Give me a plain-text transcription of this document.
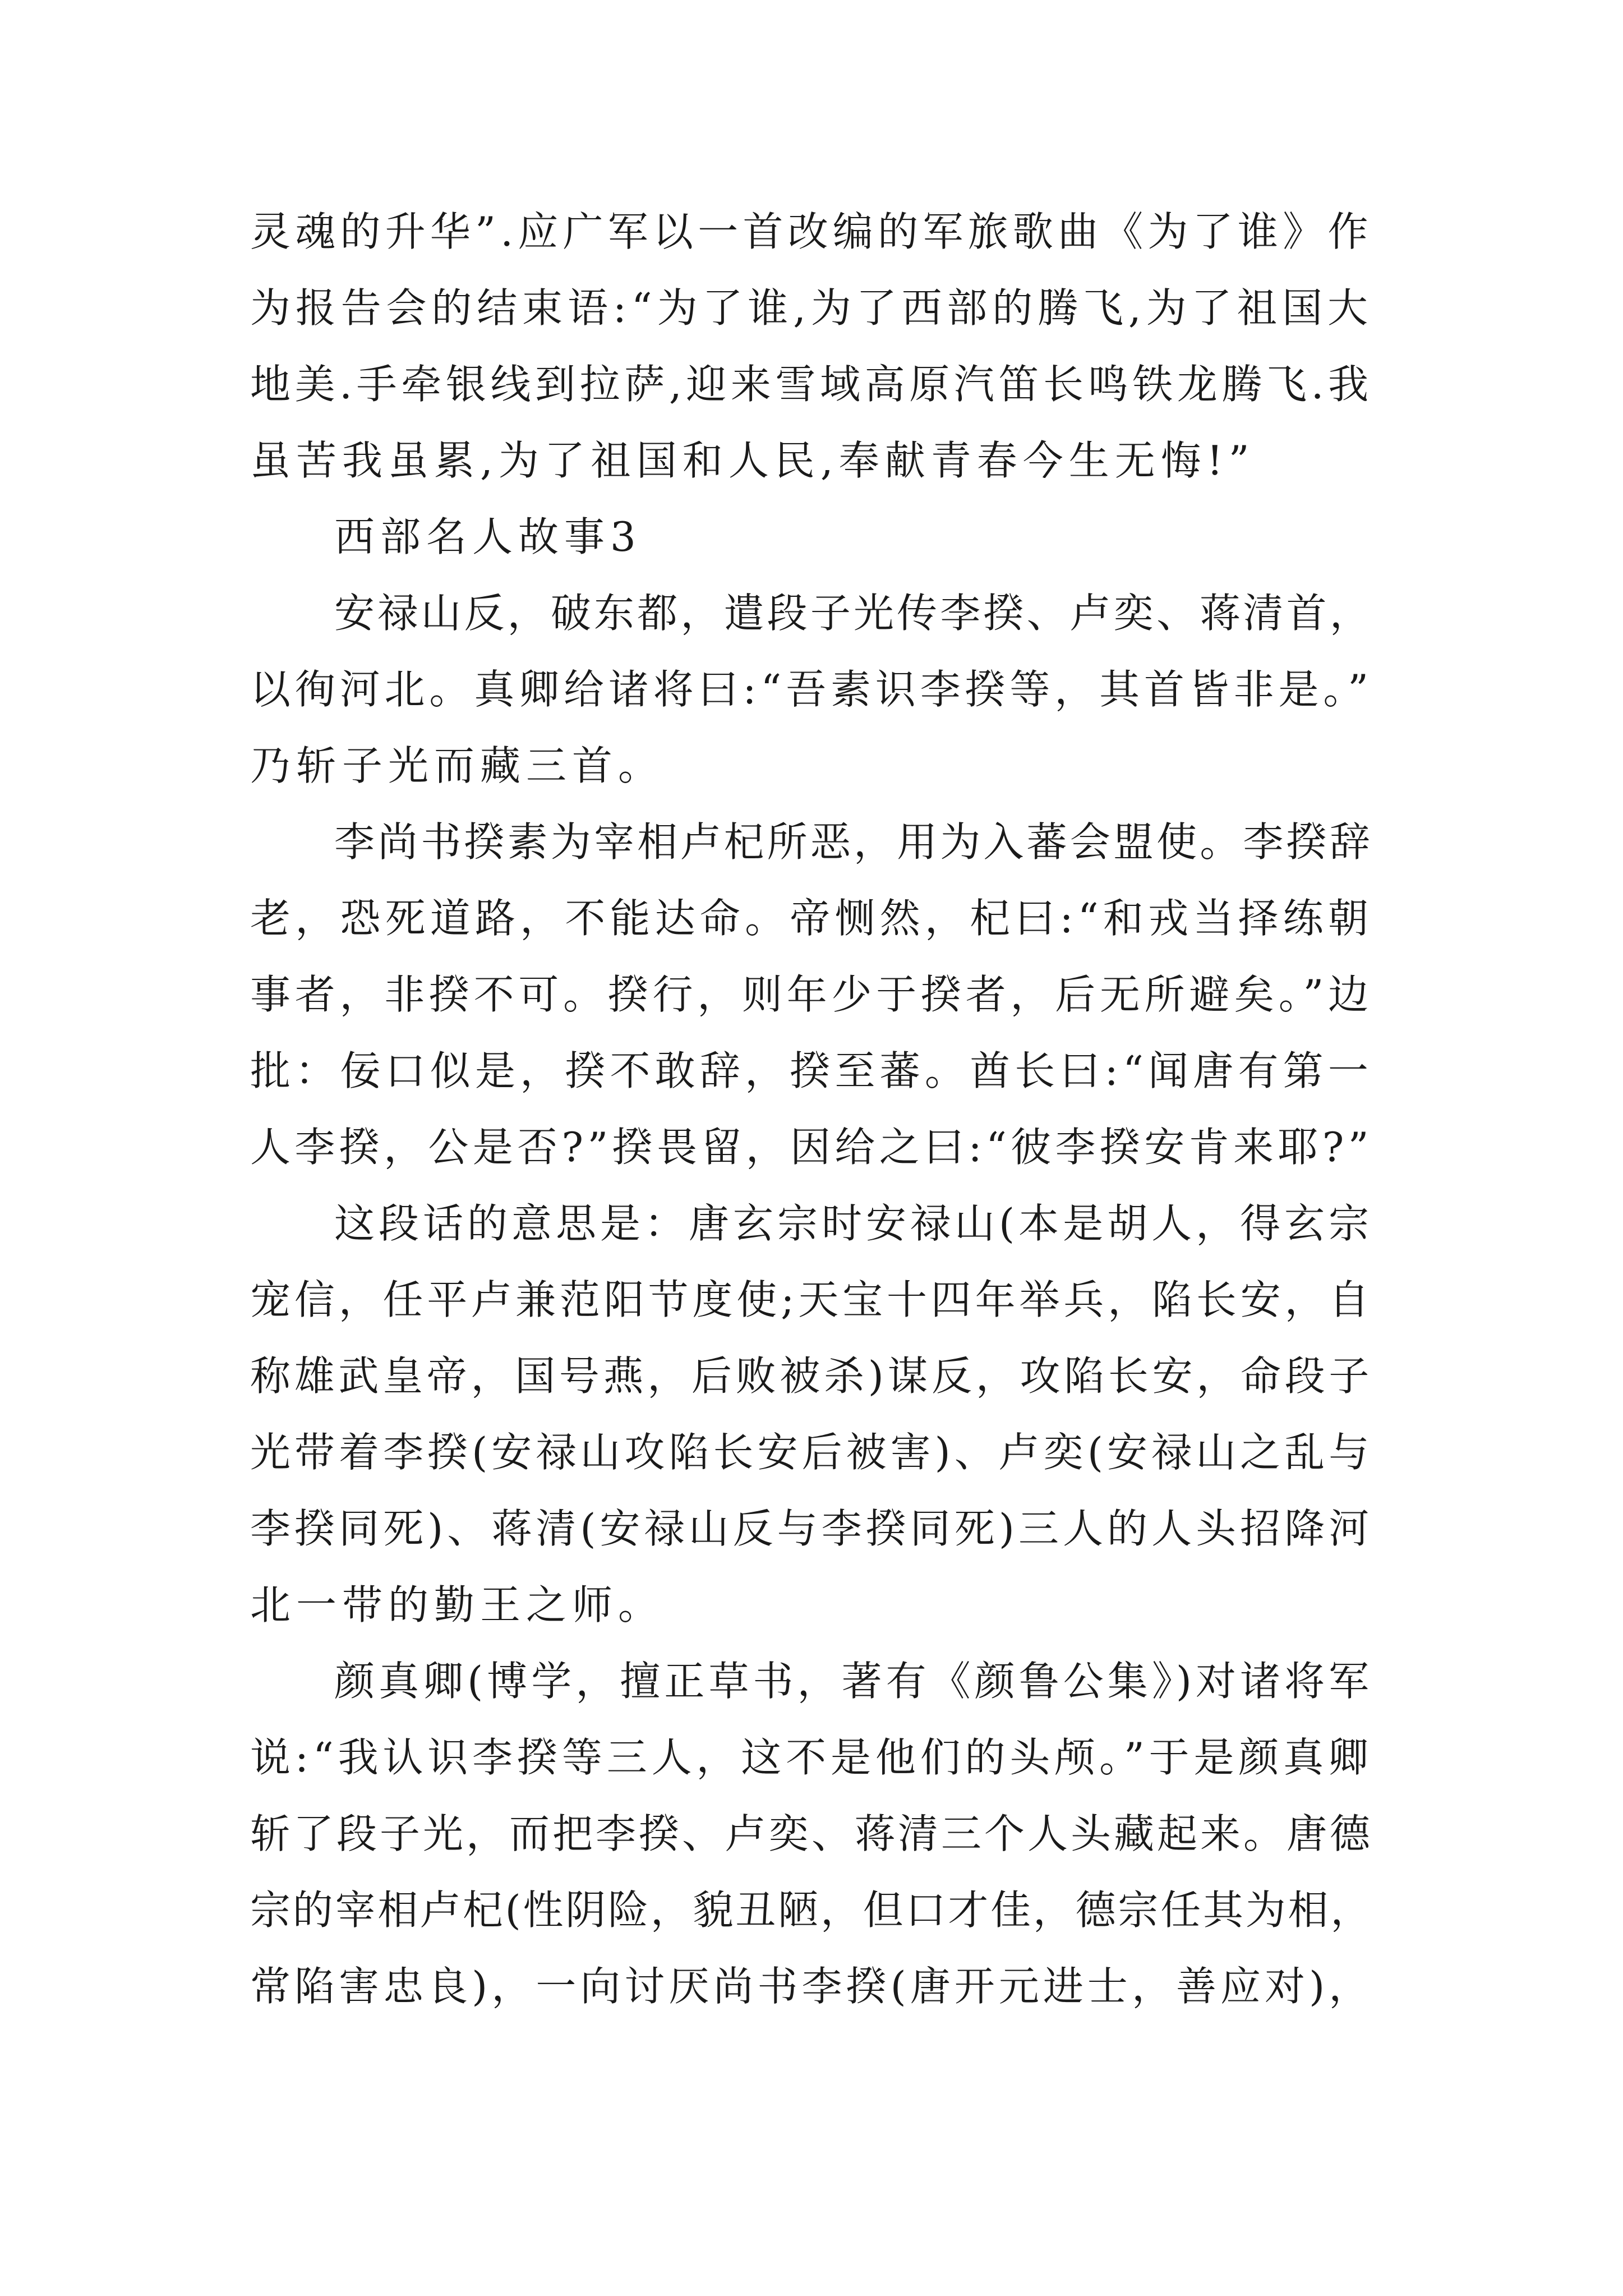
灵魂的升华”.应广军以一首改编的军旅歌曲《为了谁》作
为报告会的结束语:“为了谁,为了西部的腾飞,为了祖国大
地美.手牵银线到拉萨,迎来雪域高原汽笛长鸣铁龙腾飞.我
虽苦我虽累,为了祖国和人民,奉献青春今生无悔!”
西部名人故事3
安禄山反，破东都，遣段子光传李揆、卢奕、蒋清首，
以徇河北。真卿给诸将曰:“吾素识李揆等，其首皆非是。”
乃斩子光而藏三首。
李尚书揆素为宰相卢杞所恶，用为入蕃会盟使。李揆辞
老，恐死道路，不能达命。帝恻然，杞曰:“和戎当择练朝
事者，非揆不可。揆行，则年少于揆者，后无所避矣。”边
批：佞口似是，揆不敢辞，揆至蕃。酋长曰:“闻唐有第一
人李揆，公是否?”揆畏留，因给之曰:“彼李揆安肯来耶?”
这段话的意思是：唐玄宗时安禄山(本是胡人，得玄宗
宠信，任平卢兼范阳节度使;天宝十四年举兵，陷长安，自
称雄武皇帝，国号燕，后败被杀)谋反，攻陷长安，命段子
光带着李揆(安禄山攻陷长安后被害)、卢奕(安禄山之乱与
李揆同死)、蒋清(安禄山反与李揆同死)三人的人头招降河
北一带的勤王之师。
颜真卿(博学，擅正草书，著有《颜鲁公集》)对诸将军
说:“我认识李揆等三人，这不是他们的头颅。”于是颜真卿
斩了段子光，而把李揆、卢奕、蒋清三个人头藏起来。唐德
宗的宰相卢杞(性阴险，貌丑陋，但口才佳，德宗任其为相，
常陷害忠良)，一向讨厌尚书李揆(唐开元进士，善应对)，
